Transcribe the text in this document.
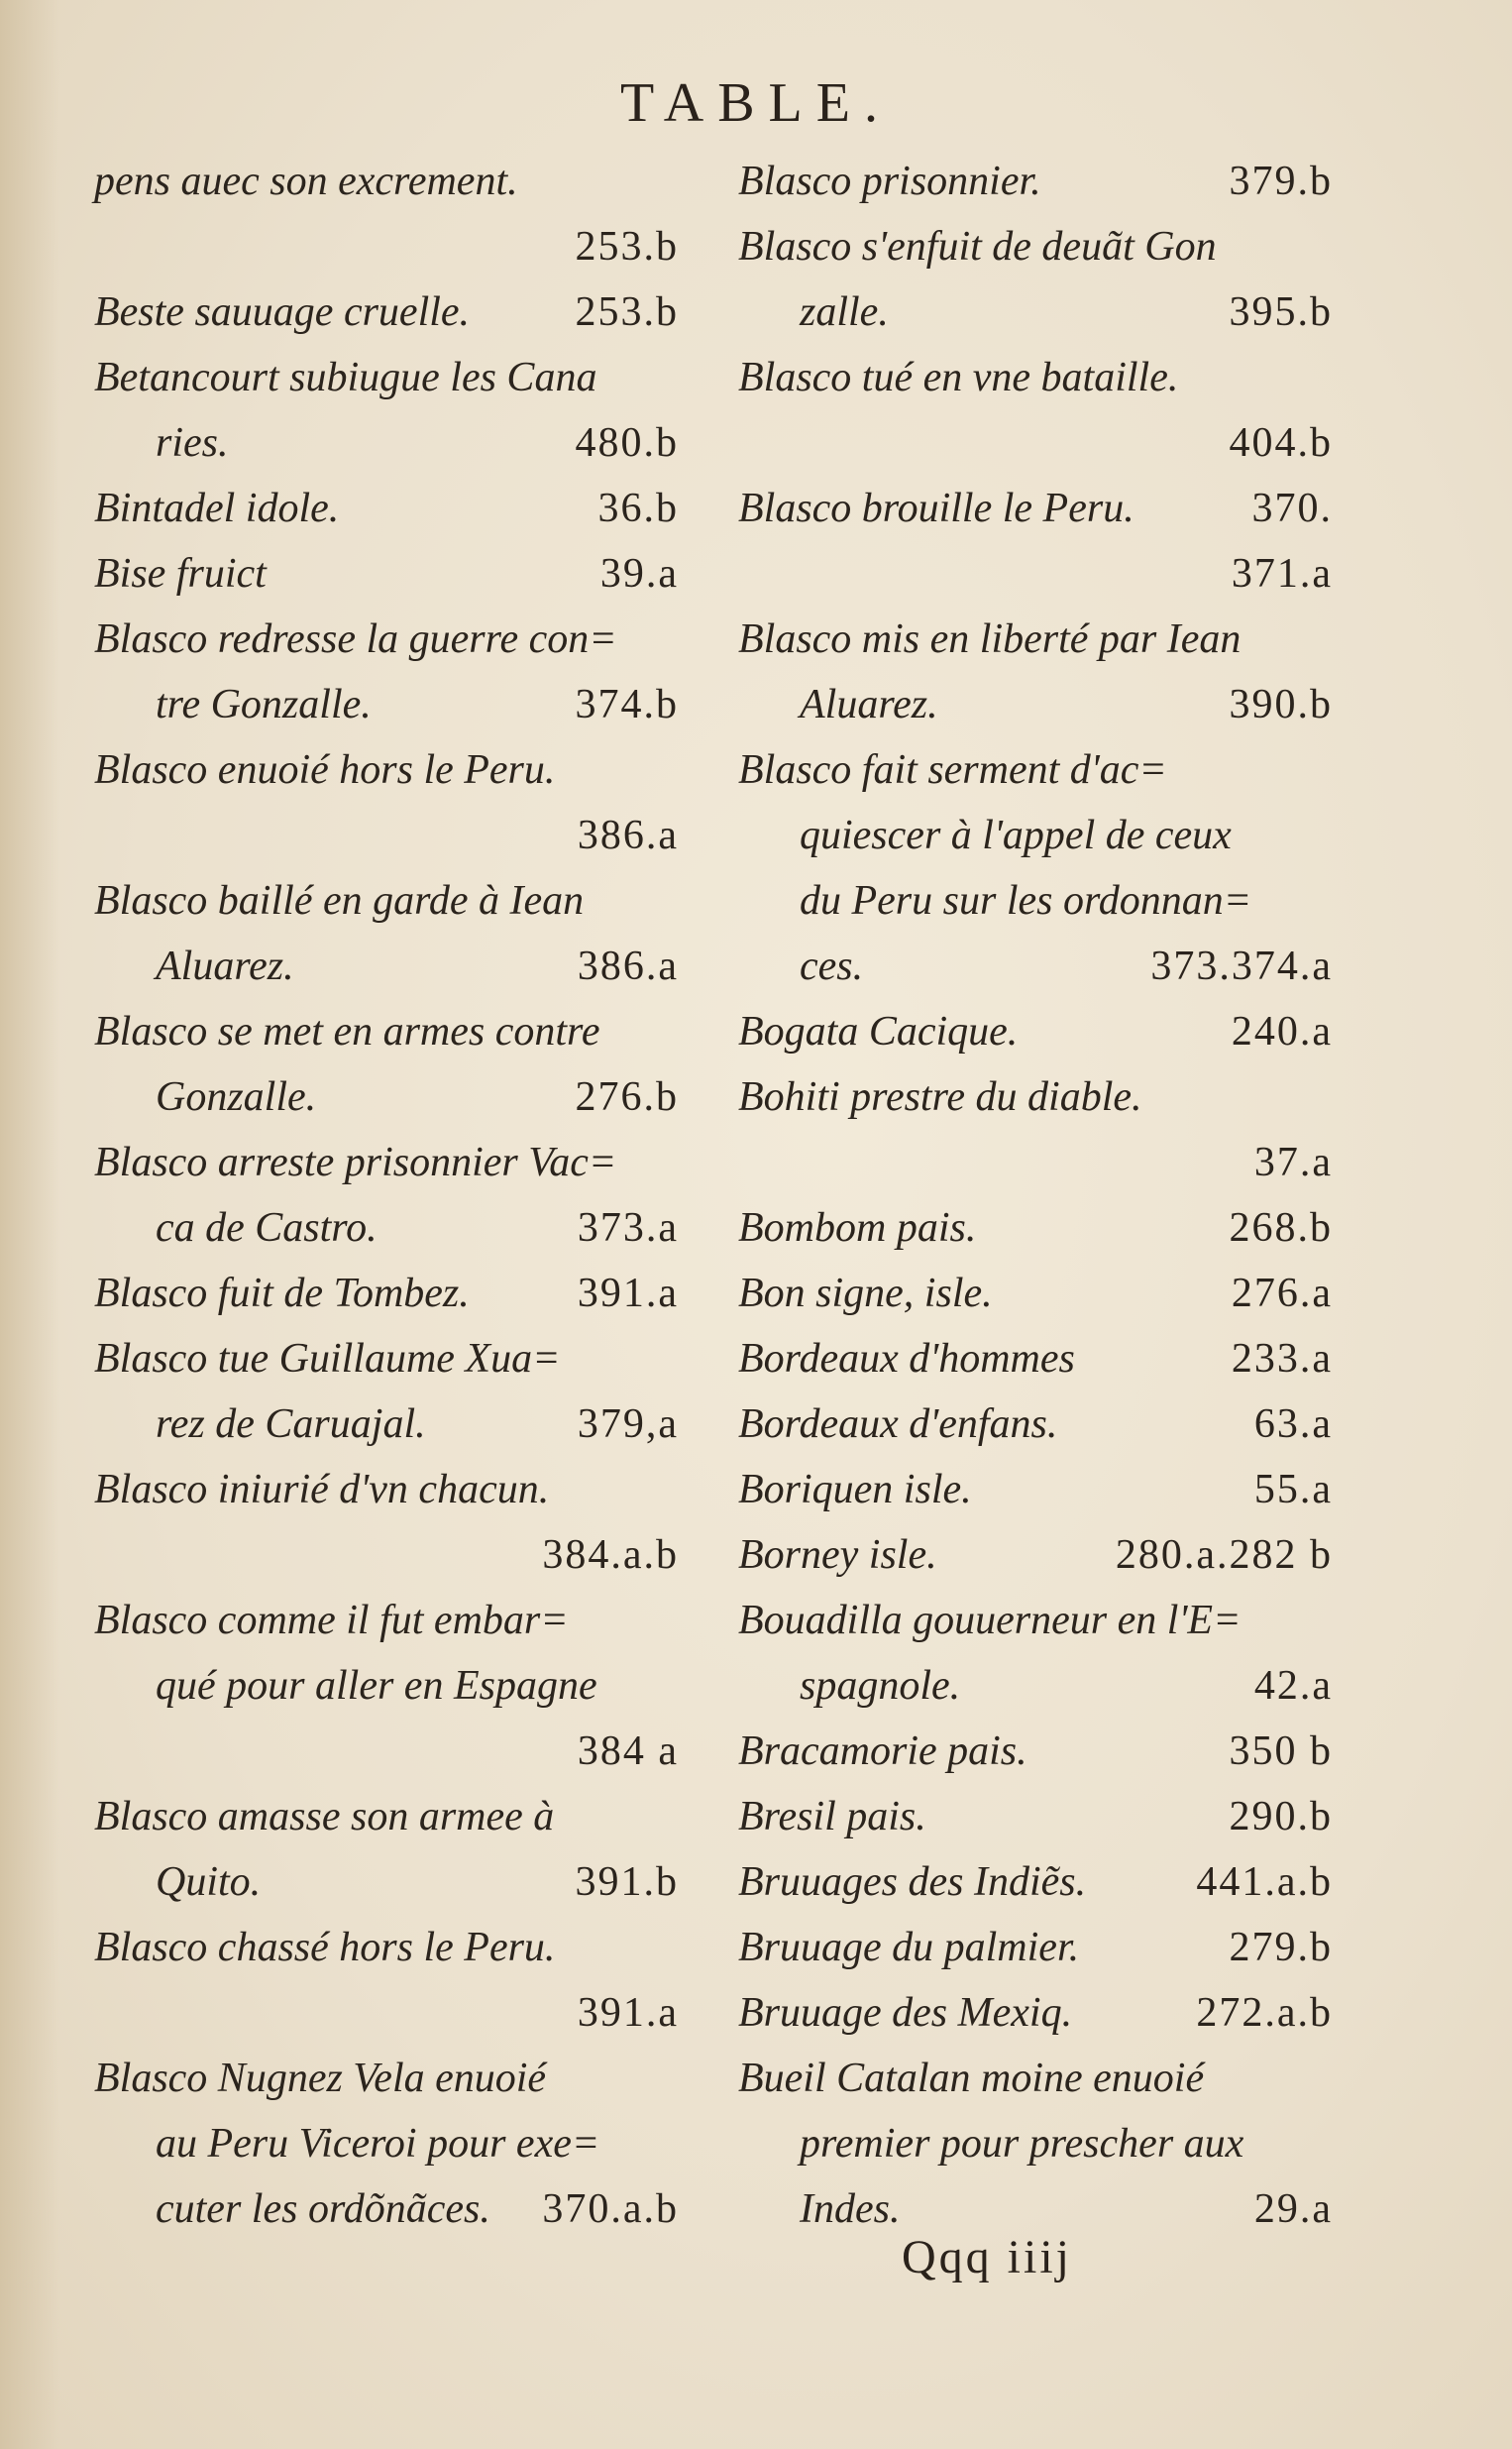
TABLE.
pens auec son excrement.
253.b
Beste sauuage cruelle.	253.b
Betancourt subiugue les Cana
ries.	480.b
Bintadel idole.	36.b
Bise fruict	39.a
Blasco redresse la guerre con=
tre Gonzalle.	374.b
Blasco enuoié hors le Peru.
386.a
Blasco baillé en garde à Iean
Aluarez.	386.a
Blasco se met en armes contre
Gonzalle.	276.b
Blasco arreste prisonnier Vac=
ca de Castro.	373.a
Blasco fuit de Tombez.	391.a
Blasco tue Guillaume Xua=
rez de Caruajal.	379,a
Blasco iniurié d'vn chacun.
384.a.b
Blasco comme il fut embar=
qué pour aller en Espagne
384 a
Blasco amasse son armee à
Quito.	391.b
Blasco chassé hors le Peru.
391.a
Blasco Nugnez Vela enuoié
au Peru Viceroi pour exe=
cuter les ordõnãces. 370.a.b
Blasco prisonnier.	379.b
Blasco s'enfuit de deuãt Gon
zalle.	395.b
Blasco tué en vne bataille.
404.b
Blasco brouille le Peru.	370.
371.a
Blasco mis en liberté par Iean
Aluarez.	390.b
Blasco fait serment d'ac=
quiescer à l'appel de ceux
du Peru sur les ordonnan=
ces.	373.374.a
Bogata Cacique.	240.a
Bohiti prestre du diable.
37.a
Bombom pais.	268.b
Bon signe, isle.	276.a
Bordeaux d'hommes	233.a
Bordeaux d'enfans.	63.a
Boriquen isle.	55.a
Borney isle.	280.a.282 b
Bouadilla gouuerneur en l'E=
spagnole.	42.a
Bracamorie pais.	350 b
Bresil pais.	290.b
Bruuages des Indiẽs.	441.a.b
Bruuage du palmier.	279.b
Bruuage des Mexiq.	272.a.b
Bueil Catalan moine enuoié
premier pour prescher aux
Indes.	29.a
Qqq iiij
